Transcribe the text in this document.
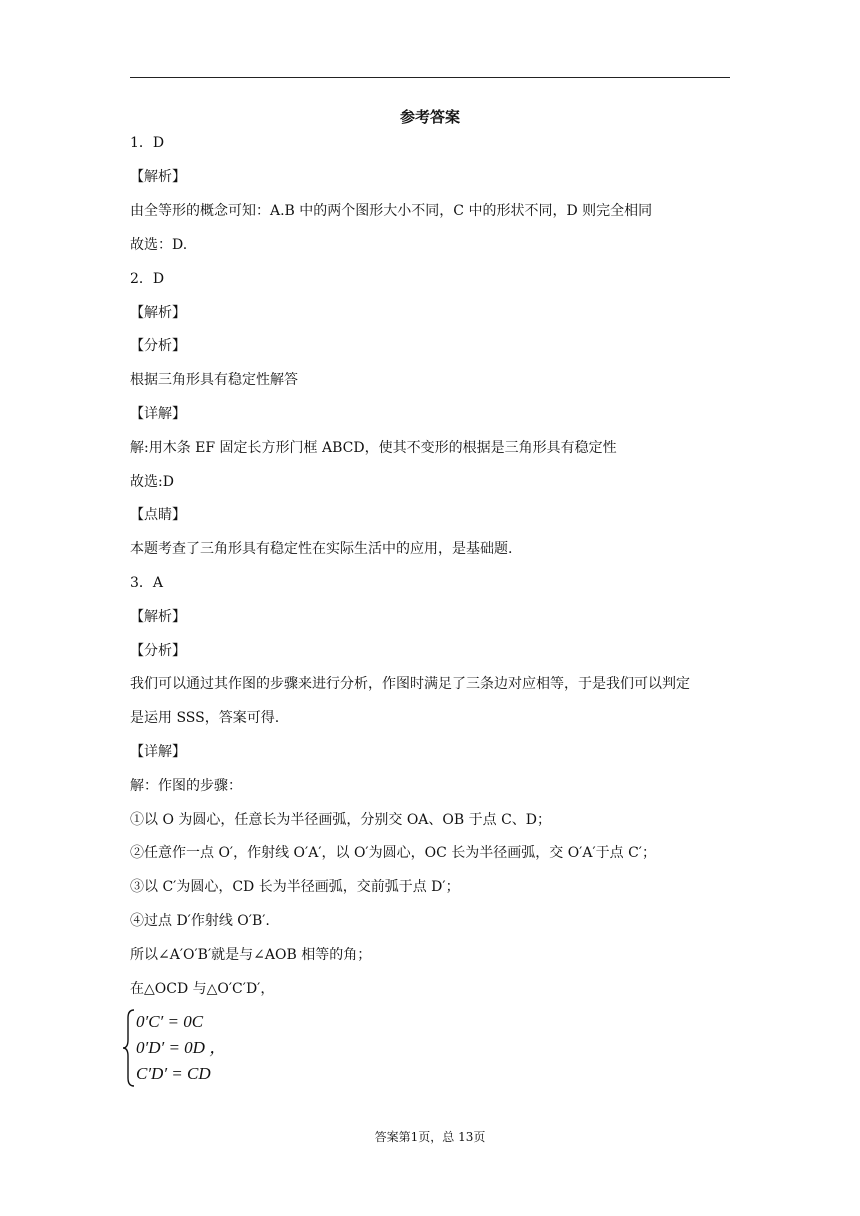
参考答案
1．D
【解析】
由全等形的概念可知：A.B 中的两个图形大小不同，C 中的形状不同，D 则完全相同
故选：D.
2．D
【解析】
【分析】
根据三角形具有稳定性解答
【详解】
解:用木条 EF 固定长方形门框 ABCD，使其不变形的根据是三角形具有稳定性
故选:D
【点睛】
本题考查了三角形具有稳定性在实际生活中的应用，是基础题.
3．A
【解析】
【分析】
我们可以通过其作图的步骤来进行分析，作图时满足了三条边对应相等，于是我们可以判定
是运用 SSS，答案可得.
【详解】
解：作图的步骤：
①以 O 为圆心，任意长为半径画弧，分别交 OA、OB 于点 C、D；
②任意作一点 O′，作射线 O′A′，以 O′为圆心，OC 长为半径画弧，交 O′A′于点 C′；
③以 C′为圆心，CD 长为半径画弧，交前弧于点 D′；
④过点 D′作射线 O′B′.
所以∠A′O′B′就是与∠AOB 相等的角；
在△OCD 与△O′C′D′，
0′C′ = 0C
0′D′ = 0D ，
C′D′ = CD
答案第1页，总 13页
